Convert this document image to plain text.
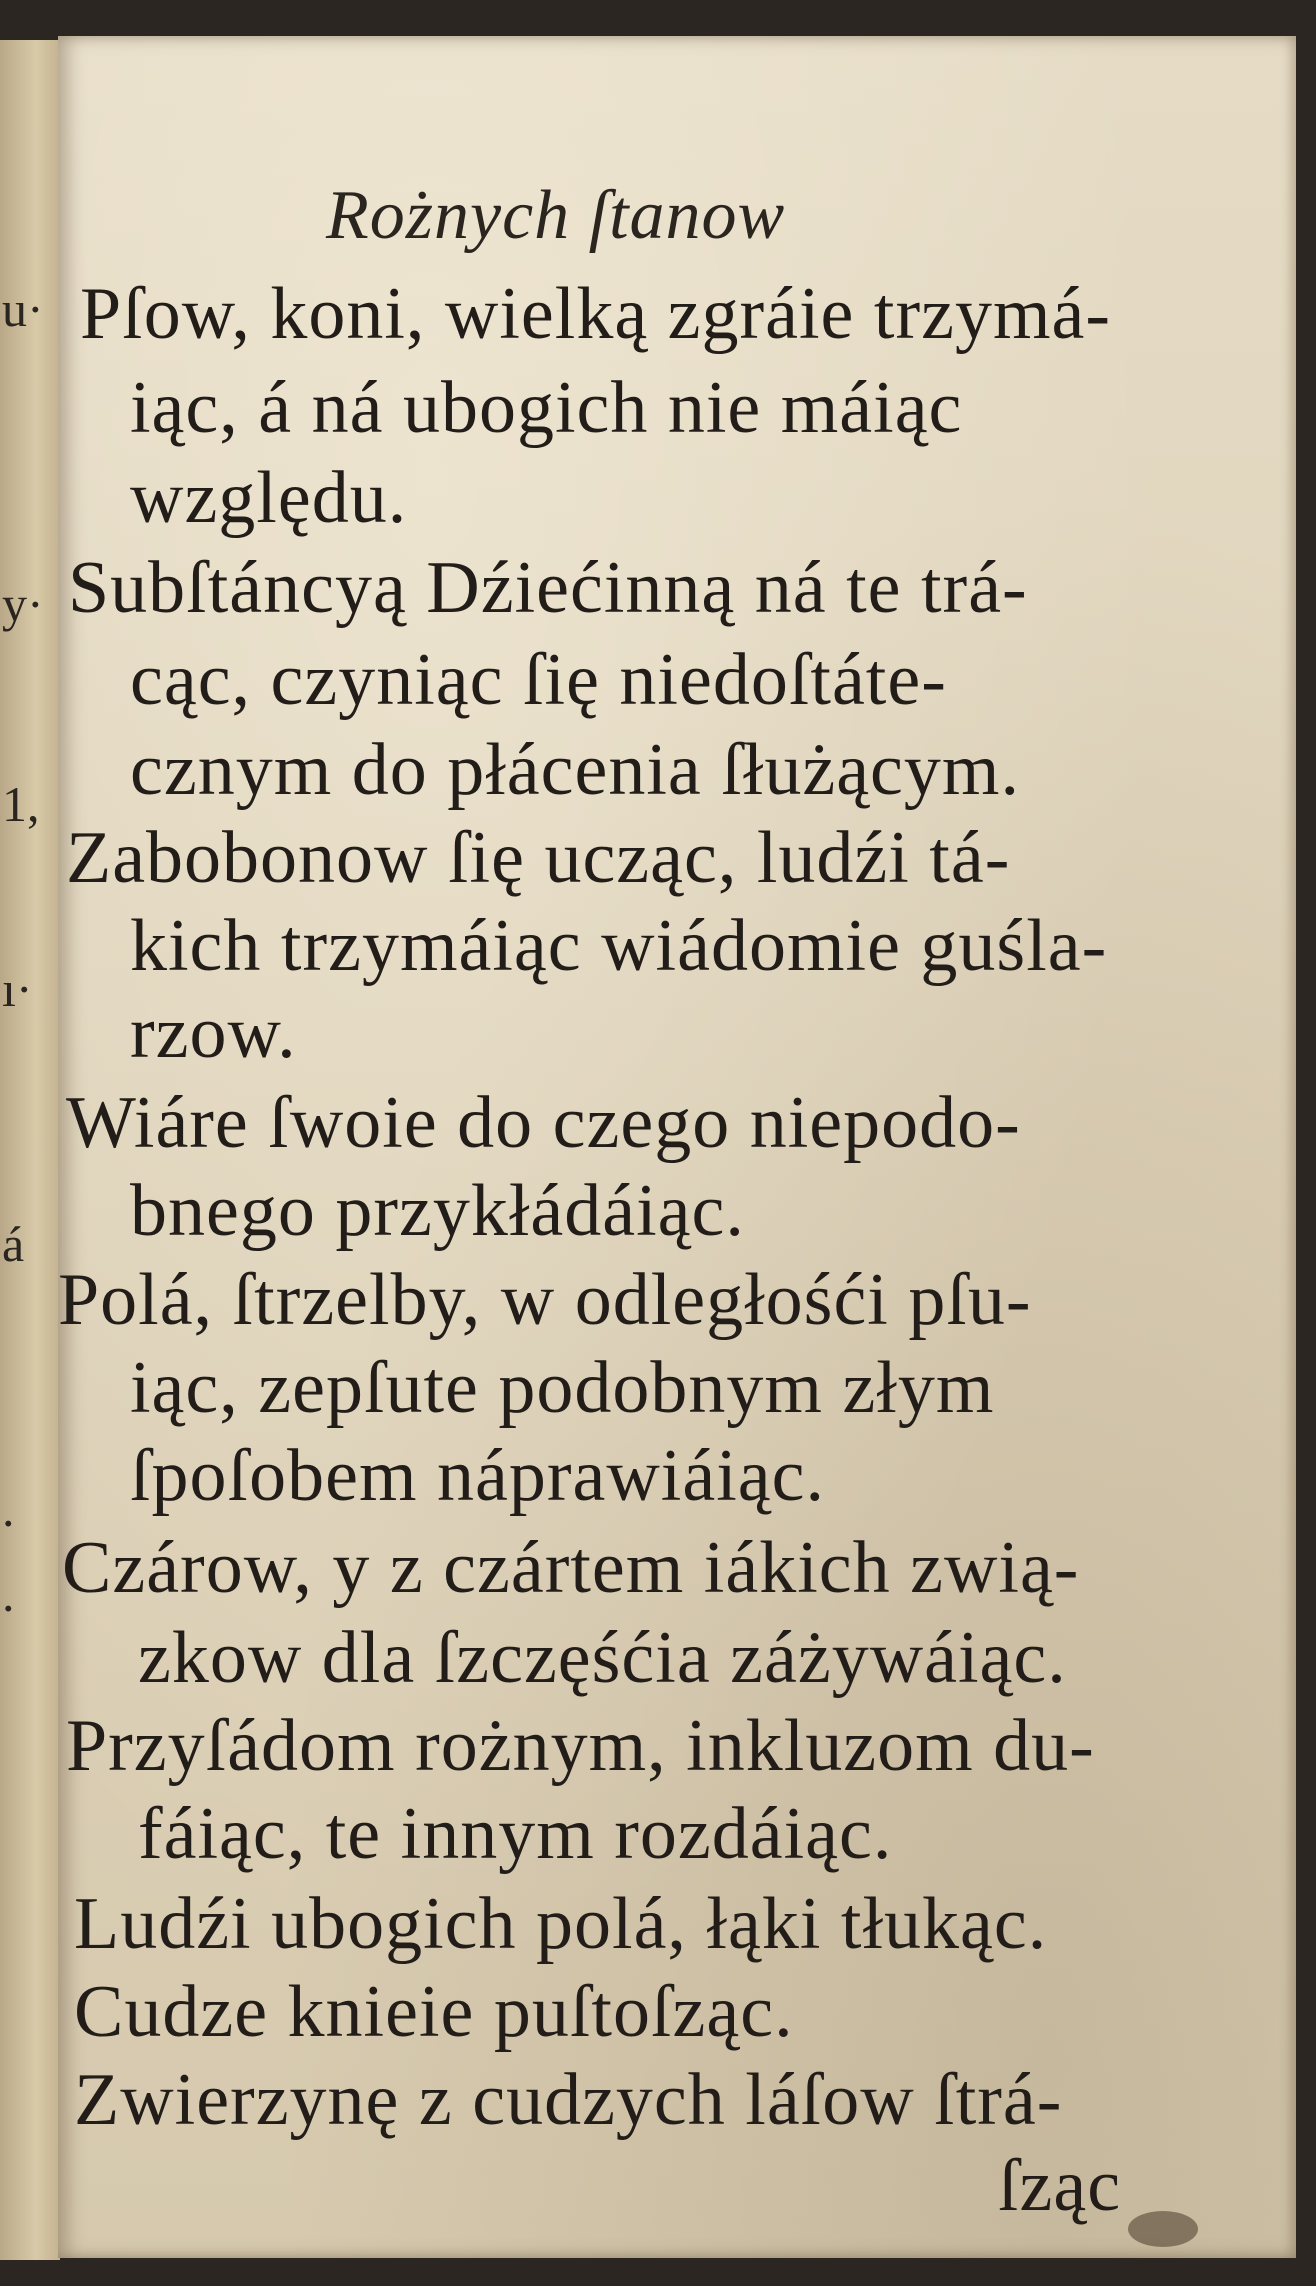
u·
y·
1,
ı·
á
.
.
Rożnych ſtanow
Pſow, koni, wielką zgráie trzymá-
iąc, á ná ubogich nie máiąc
względu.
Subſtáncyą Dźiećinną ná te trá-
cąc, czyniąc ſię niedoſtáte-
cznym do płácenia ſłużącym.
Zabobonow ſię ucząc, ludźi tá-
kich trzymáiąc wiádomie guśla-
rzow.
Wiáre ſwoie do czego niepodo-
bnego przykłádáiąc.
Polá, ſtrzelby, w odległośći pſu-
iąc, zepſute podobnym złym
ſpoſobem náprawiáiąc.
Czárow, y z czártem iákich zwią-
zkow dla ſzczęśćia záżywáiąc.
Przyſádom rożnym, inkluzom du-
fáiąc, te innym rozdáiąc.
Ludźi ubogich polá, łąki tłukąc.
Cudze knieie puſtoſząc.
Zwierzynę z cudzych láſow ſtrá-
ſząc
